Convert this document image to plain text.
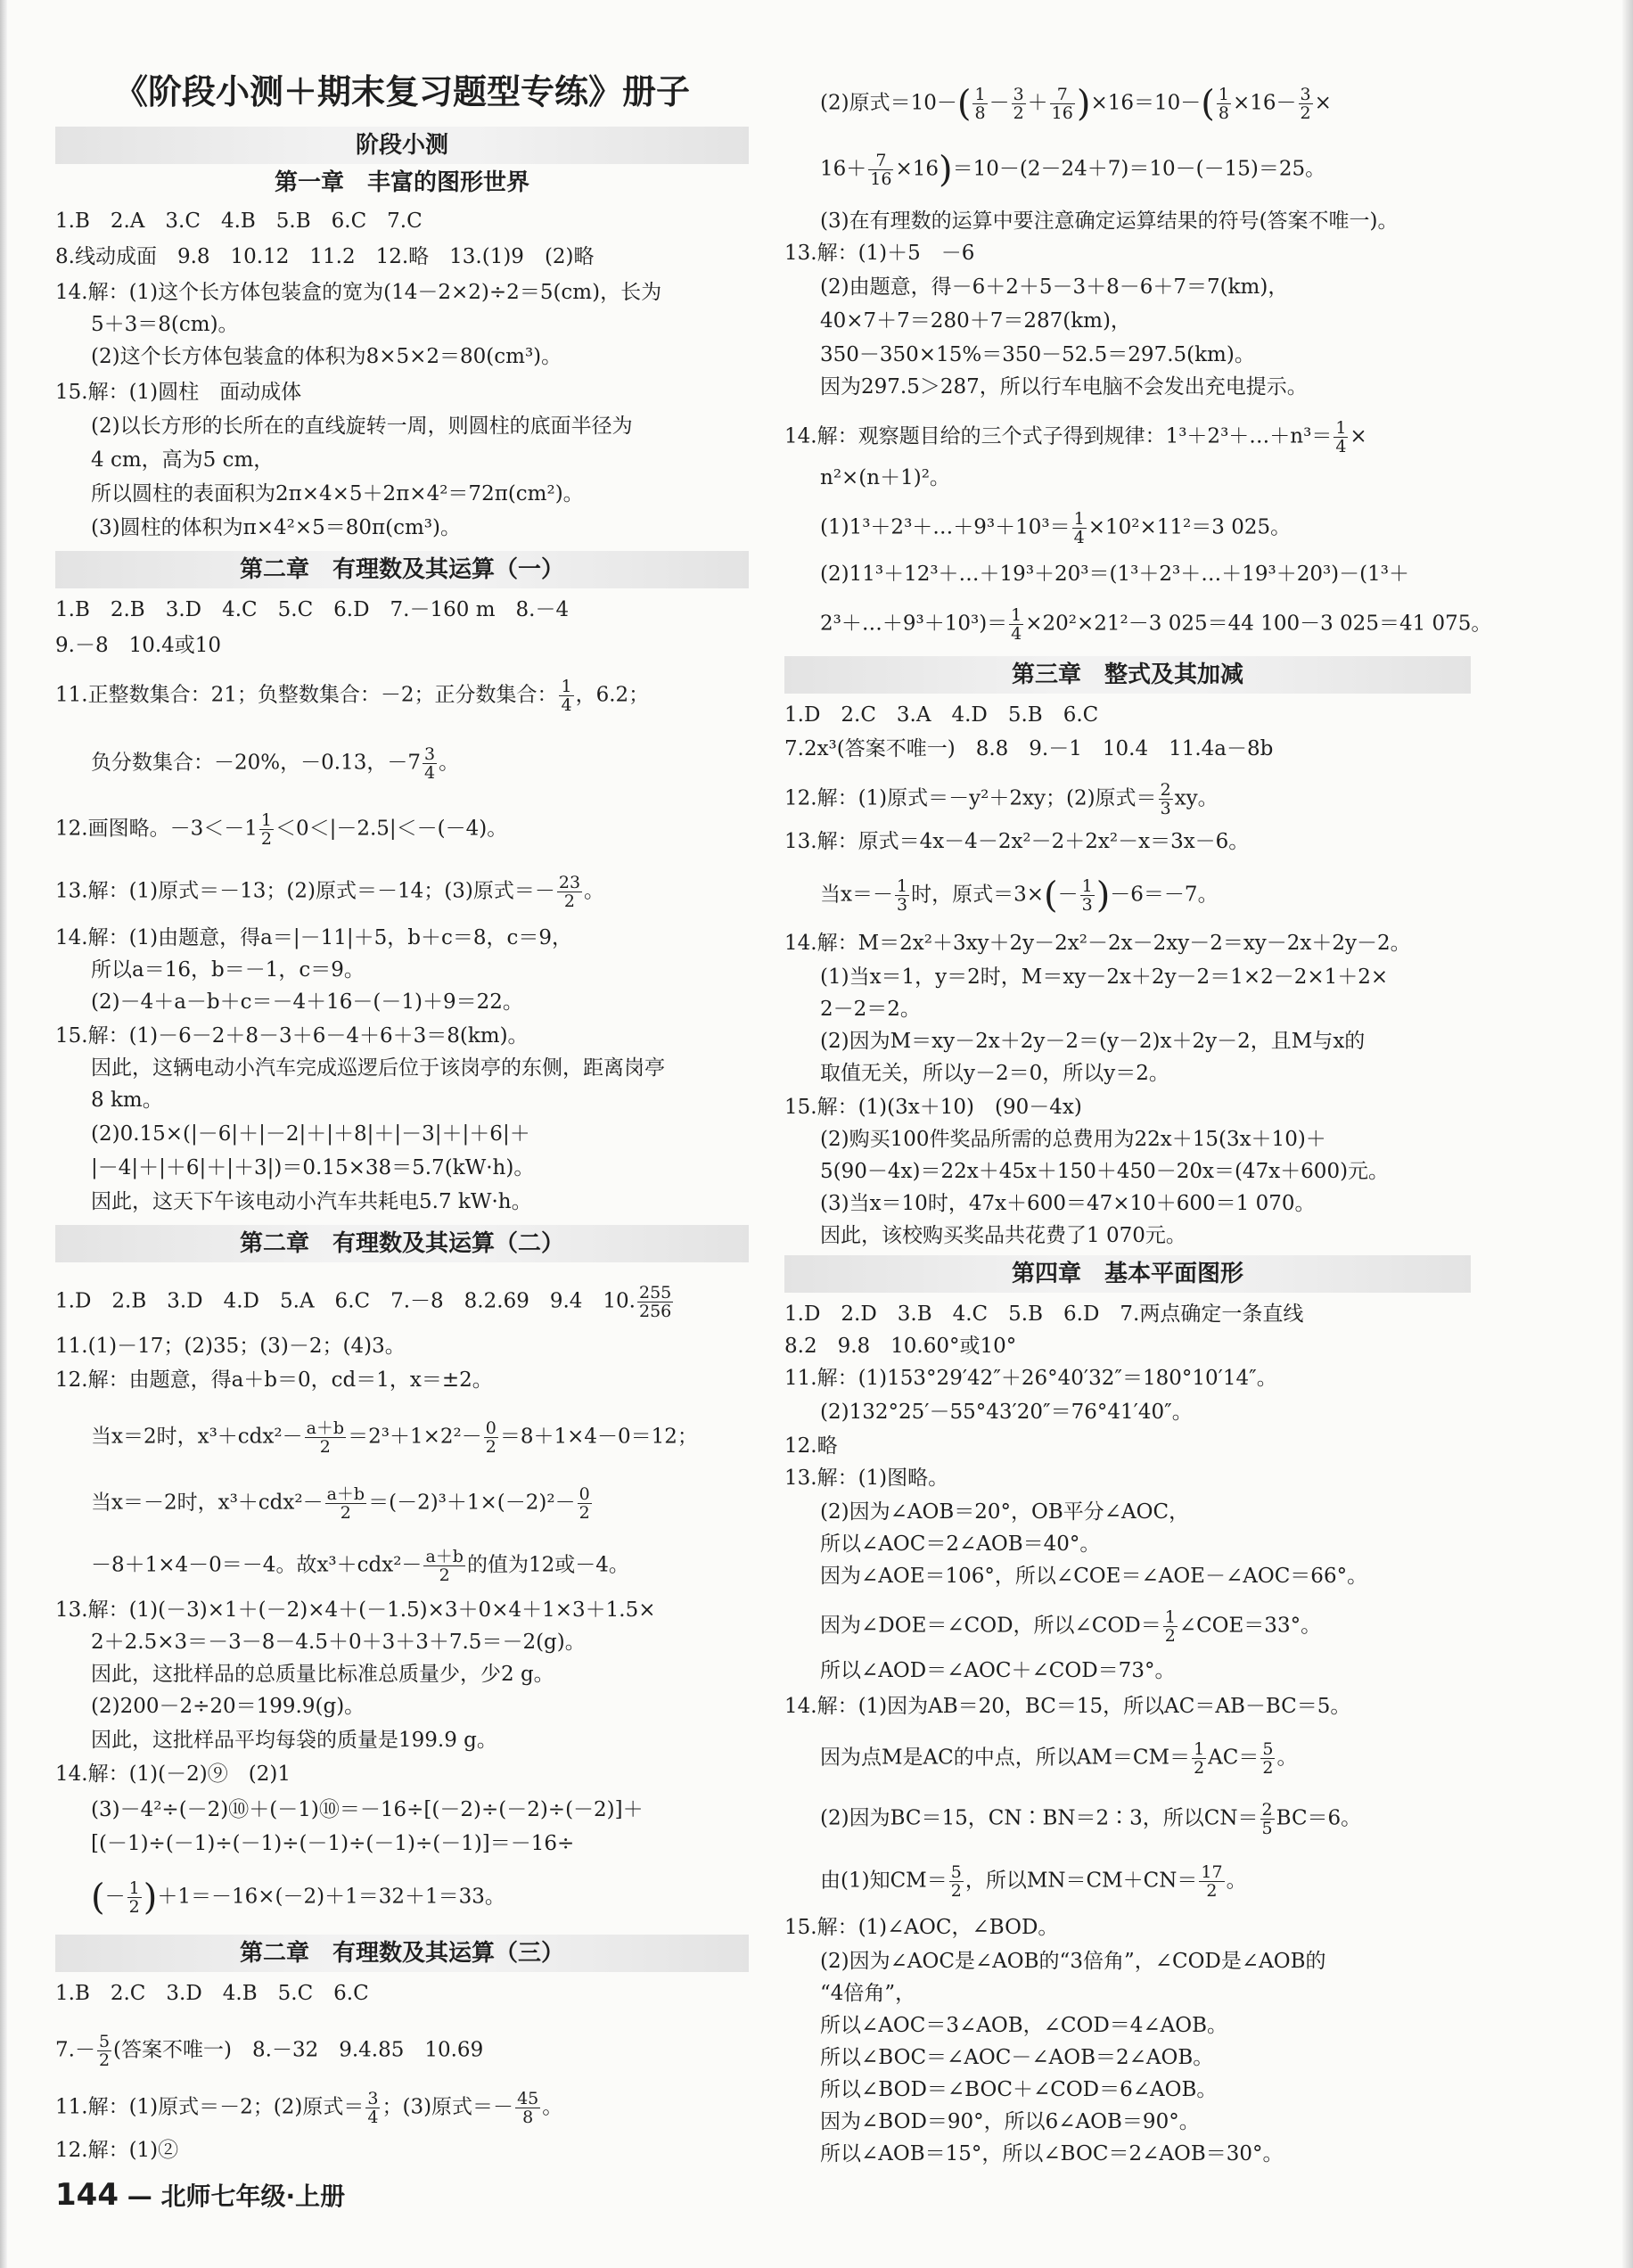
《阶段小测＋期末复习题型专练》册子
阶段小测
第一章　丰富的图形世界
1.B　2.A　3.C　4.B　5.B　6.C　7.C
8.线动成面　9.8　10.12　11.2　12.略　13.(1)9　(2)略
14.解：(1)这个长方体包装盒的宽为(14－2×2)÷2＝5(cm)，长为
5＋3＝8(cm)。
(2)这个长方体包装盒的体积为8×5×2＝80(cm³)。
15.解：(1)圆柱　面动成体
(2)以长方形的长所在的直线旋转一周，则圆柱的底面半径为
4 cm，高为5 cm，
所以圆柱的表面积为2π×4×5＋2π×4²＝72π(cm²)。
(3)圆柱的体积为π×4²×5＝80π(cm³)。
第二章　有理数及其运算（一）
1.B　2.B　3.D　4.C　5.C　6.D　7.－160 m　8.－4
9.－8　10.4或10
11.正整数集合：21；负整数集合：－2；正分数集合： $\frac{1}{4}$ ，6.2；
负分数集合：－20%，－0.13，$-7 \frac{3}{4}$ 。
12.画图略。$-3<-1 \frac{1}{2} <0<|-2.5|<-(-4)$。
13.解：(1)原式＝－13；(2)原式＝－14；(3)原式＝－ $\frac{23}{2}$ 。
14.解：(1)由题意，得a＝|－11|＋5，b＋c＝8，c＝9，
所以a＝16，b＝－1，c＝9。
(2)－4＋a－b＋c＝－4＋16－(－1)＋9＝22。
15.解：(1)－6－2＋8－3＋6－4＋6＋3＝8(km)。
因此，这辆电动小汽车完成巡逻后位于该岗亭的东侧，距离岗亭
8 km。
(2)0.15×(|－6|＋|－2|＋|＋8|＋|－3|＋|＋6|＋
|－4|＋|＋6|＋|＋3|)＝0.15×38＝5.7(kW·h)。
因此，这天下午该电动小汽车共耗电5.7 kW·h。
第二章　有理数及其运算（二）
1.D　2.B　3.D　4.D　5.A　6.C　7.－8　8.2.69　9.4　10. $\frac{255}{256}$
11.(1)－17；(2)35；(3)－2；(4)3。
12.解：由题意，得a＋b＝0，cd＝1，x＝±2。
当x＝2时，$x^3+cdx^2- \frac{a+b}{2} =2^3+1\times 2^2- \frac{0}{2} =8+1\times 4-0=12$；
当x＝－2时，$x^3+cdx^2- \frac{a+b}{2} =(-2)^3+1\times(-2)^2- \frac{0}{2}$
－8＋1×4－0＝－4。故$x^3+cdx^2- \frac{a+b}{2}$ 的值为12或－4。
13.解：(1)(－3)×1＋(－2)×4＋(－1.5)×3＋0×4＋1×3＋1.5×
2＋2.5×3＝－3－8－4.5＋0＋3＋3＋7.5＝－2(g)。
因此，这批样品的总质量比标准总质量少，少2 g。
(2)200－2÷20＝199.9(g)。
因此，这批样品平均每袋的质量是199.9 g。
14.解：(1)(－2)⑨　(2)1
(3)－4²÷(－2)⑩＋(－1)⑩＝－16÷[(－2)÷(－2)÷(－2)]＋
[(－1)÷(－1)÷(－1)÷(－1)÷(－1)÷(－1)]＝－16÷
(－ $\frac{1}{2} )+1=-16\times(-2)+1=32+1=33$。
第二章　有理数及其运算（三）
1.B　2.C　3.D　4.B　5.C　6.C
$7.- \frac{5}{2}$ (答案不唯一)　8.－32　9.4.85　10.69
11.解：(1)原式＝－2；(2)原式＝ $\frac{3}{4}$ ；(3)原式＝－ $\frac{45}{8}$ 。
12.解：(1)②
144 — 北师七年级·上册
(2)原式$=10-( \frac{1}{8} - \frac{3}{2} + \frac{7}{16} )\times 16=10-( \frac{1}{8} \times 16- \frac{3}{2}$ ×
$16+ \frac{7}{16} \times 16)=10-(2-24+7)=10-(-15)=25$。
(3)在有理数的运算中要注意确定运算结果的符号(答案不唯一)。
13.解：(1)＋5　－6
(2)由题意，得－6＋2＋5－3＋8－6＋7＝7(km)，
40×7＋7＝280＋7＝287(km)，
350－350×15%＝350－52.5＝297.5(km)。
因为297.5＞287，所以行车电脑不会发出充电提示。
14.解：观察题目给的三个式子得到规律：1³＋2³＋…＋n³＝ $\frac{1}{4}$ ×
n²×(n＋1)²。
(1)1³＋2³＋…＋9³＋10³＝ $\frac{1}{4} \times 10^2\times 11^2=3$ 025。
(2)11³＋12³＋…＋19³＋20³＝(1³＋2³＋…＋19³＋20³)－(1³＋
2³＋…＋9³＋10³)＝ $\frac{1}{4} \times 20^2\times 21^2-3$ 025＝44 100－3 025＝41 075。
第三章　整式及其加减
1.D　2.C　3.A　4.D　5.B　6.C
7.2x³(答案不唯一)　8.8　9.－1　10.4　11.4a－8b
12.解：(1)原式＝－y²＋2xy；(2)原式＝ $\frac{2}{3}$ xy。
13.解：原式＝4x－4－2x²－2＋2x²－x＝3x－6。
当$x=- \frac{1}{3}$ 时，原式$=3\times(- \frac{1}{3} )-6=-7$。
14.解：M＝2x²＋3xy＋2y－2x²－2x－2xy－2＝xy－2x＋2y－2。
(1)当x＝1，y＝2时，M＝xy－2x＋2y－2＝1×2－2×1＋2×
2－2＝2。
(2)因为M＝xy－2x＋2y－2＝(y－2)x＋2y－2，且M与x的
取值无关，所以y－2＝0，所以y＝2。
15.解：(1)(3x＋10)　(90－4x)
(2)购买100件奖品所需的总费用为22x＋15(3x＋10)＋
5(90－4x)＝22x＋45x＋150＋450－20x＝(47x＋600)元。
(3)当x＝10时，47x＋600＝47×10＋600＝1 070。
因此，该校购买奖品共花费了1 070元。
第四章　基本平面图形
1.D　2.D　3.B　4.C　5.B　6.D　7.两点确定一条直线
8.2　9.8　10.60°或10°
11.解：(1)153°29′42″＋26°40′32″＝180°10′14″。
(2)132°25′－55°43′20″＝76°41′40″。
12.略
13.解：(1)图略。
(2)因为∠AOB＝20°，OB平分∠AOC，
所以∠AOC＝2∠AOB＝40°。
因为∠AOE＝106°，所以∠COE＝∠AOE－∠AOC＝66°。
因为∠DOE＝∠COD，所以∠COD＝ $\frac{1}{2}$ ∠COE＝33°。
所以∠AOD＝∠AOC＋∠COD＝73°。
14.解：(1)因为AB＝20，BC＝15，所以AC＝AB－BC＝5。
因为点M是AC的中点，所以$AM=CM= \frac{1}{2} AC= \frac{5}{2}$ 。
(2)因为BC＝15，CN∶BN＝2∶3，所以$CN= \frac{2}{5} BC=6$。
由(1)知$CM= \frac{5}{2}$ ，所以$MN=CM+CN= \frac{17}{2}$ 。
15.解：(1)∠AOC，∠BOD。
(2)因为∠AOC是∠AOB的“3倍角”，∠COD是∠AOB的
“4倍角”，
所以∠AOC＝3∠AOB，∠COD＝4∠AOB。
所以∠BOC＝∠AOC－∠AOB＝2∠AOB。
所以∠BOD＝∠BOC＋∠COD＝6∠AOB。
因为∠BOD＝90°，所以6∠AOB＝90°。
所以∠AOB＝15°，所以∠BOC＝2∠AOB＝30°。
